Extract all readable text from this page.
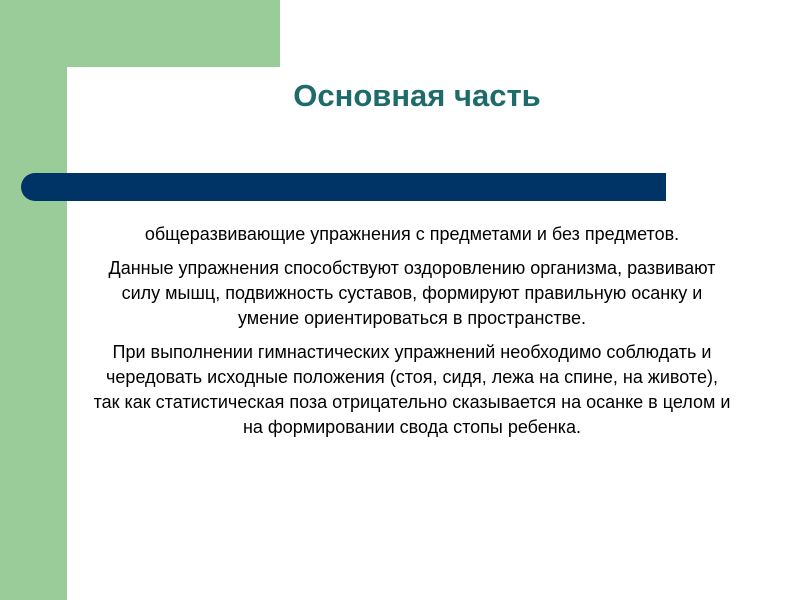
Основная часть

общеразвивающие упражнения с предметами и без предметов.

Данные упражнения способствуют оздоровлению организма, развивают силу мышц, подвижность суставов, формируют правильную осанку и умение ориентироваться в пространстве.

При выполнении гимнастических упражнений необходимо соблюдать и чередовать исходные положения (стоя, сидя, лежа на спине, на животе), так как статистическая поза отрицательно сказывается на осанке в целом и на формировании свода стопы ребенка.
